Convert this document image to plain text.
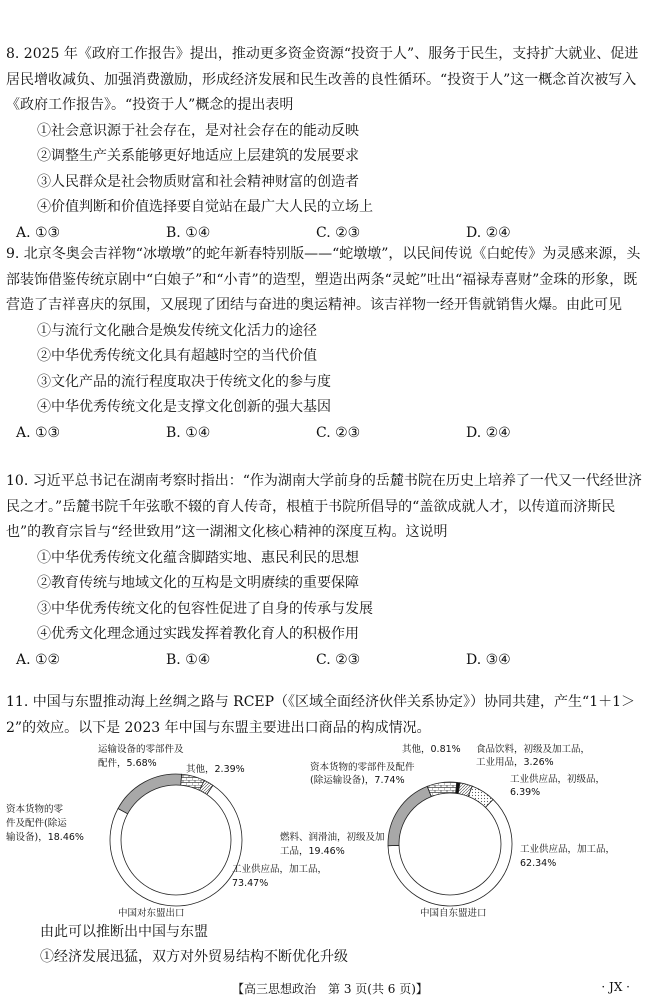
8. 2025 年《政府工作报告》提出，推动更多资金资源“投资于人”、服务于民生，支持扩大就业、促进居民增收减负、加强消费激励，形成经济发展和民生改善的良性循环。“投资于人”这一概念首次被写入《政府工作报告》。“投资于人”概念的提出表明
①社会意识源于社会存在，是对社会存在的能动反映
②调整生产关系能够更好地适应上层建筑的发展要求
③人民群众是社会物质财富和社会精神财富的创造者
④价值判断和价值选择要自觉站在最广大人民的立场上
A. ①③	B. ①④	C. ②③	D. ②④
9. 北京冬奥会吉祥物“冰墩墩”的蛇年新春特别版——“蛇墩墩”，以民间传说《白蛇传》为灵感来源，头部装饰借鉴传统京剧中“白娘子”和“小青”的造型，塑造出两条“灵蛇”吐出“福禄寿喜财”金珠的形象，既营造了吉祥喜庆的氛围，又展现了团结与奋进的奥运精神。该吉祥物一经开售就销售火爆。由此可见
①与流行文化融合是焕发传统文化活力的途径
②中华优秀传统文化具有超越时空的当代价值
③文化产品的流行程度取决于传统文化的参与度
④中华优秀传统文化是支撑文化创新的强大基因
A. ①③	B. ①④	C. ②③	D. ②④
10. 习近平总书记在湖南考察时指出：“作为湖南大学前身的岳麓书院在历史上培养了一代又一代经世济民之才。”岳麓书院千年弦歌不辍的育人传奇，根植于书院所倡导的“盖欲成就人才，以传道而济斯民也”的教育宗旨与“经世致用”这一湖湘文化核心精神的深度互构。这说明
①中华优秀传统文化蕴含脚踏实地、惠民利民的思想
②教育传统与地域文化的互构是文明赓续的重要保障
③中华优秀传统文化的包容性促进了自身的传承与发展
④优秀文化理念通过实践发挥着教化育人的积极作用
A. ①②	B. ①④	C. ②③	D. ③④
11. 中国与东盟推动海上丝绸之路与 RCEP（《区域全面经济伙伴关系协定》）协同共建，产生“1＋1＞2”的效应。以下是 2023 年中国与东盟主要进出口商品的构成情况。
运输设备的零部件及配件，5.68%
其他，2.39%
资本货物的零件及配件(除运输设备)，18.46%
工业供应品，加工品， 73.47%
中国对东盟出口
其他，0.81% 食品饮料，初级及加工品，工业用品，3.26%
资本货物的零部件及配件(除运输设备)，7.74%	工业供应品，初级品， 6.39%
燃料、润滑油，初级及加工品，19.46%	工业供应品，加工品， 62.34%
中国自东盟进口
由此可以推断出中国与东盟
①经济发展迅猛，双方对外贸易结构不断优化升级
【高三思想政治　第 3 页(共 6 页)】	· JX ·
